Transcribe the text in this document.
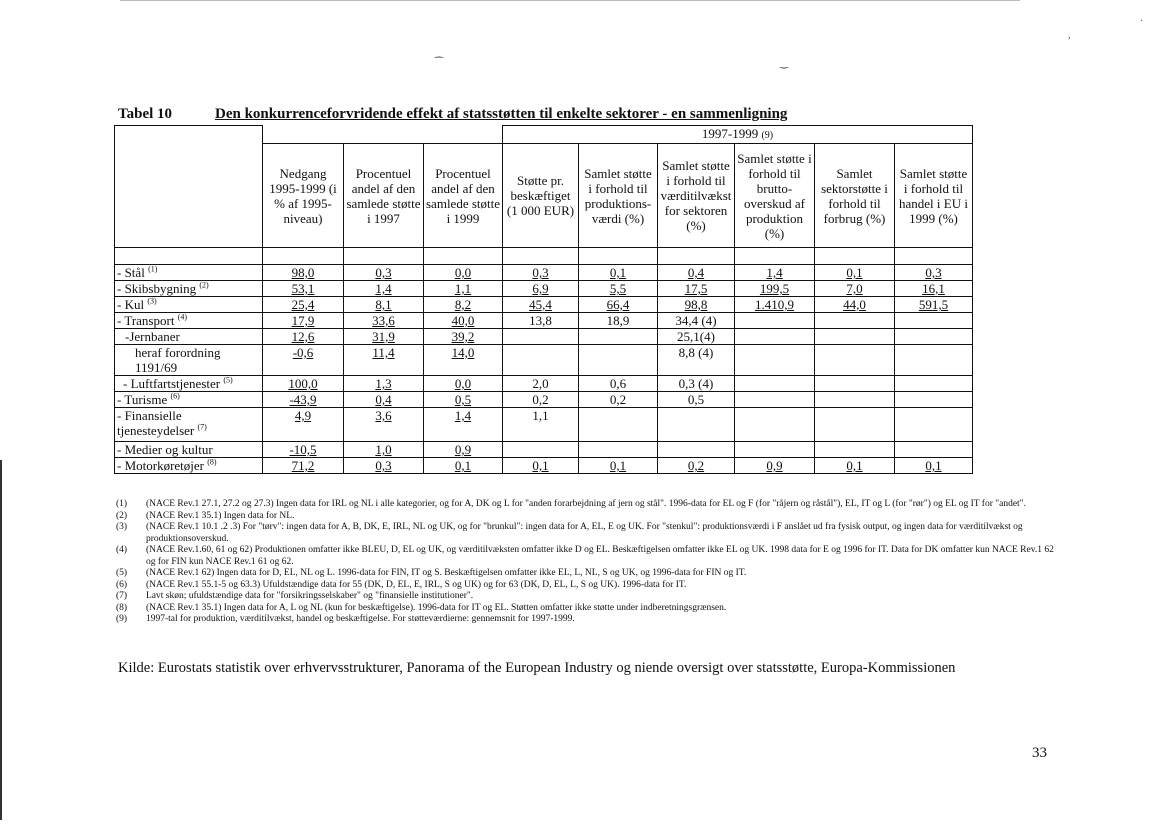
,
·
⁀	‿
Tabel 10	Den konkurrenceforvridende effekt af statsstøtten til enkelte sektorer - en sammenligning
				1997-1999 (9)					
	Nedgang 1995-1999 (i % af 1995-niveau)	Procentuel andel af den samlede støtte i 1997	Procentuel andel af den samlede støtte i 1999	Støtte pr. beskæftiget (1 000 EUR)	Samlet støtte i forhold til produktions-værdi (%)	Samlet støtte i forhold til værditilvækst for sektoren (%)	Samlet støtte i forhold til brutto-overskud af produktion (%)	Samlet sektorstøtte i forhold til forbrug (%)	Samlet støtte i forhold til handel i EU i 1999 (%)

- Stål $^{(1)}$	98,0	0,3	0,0	0,3	0,1	0,4	1,4	0,1	0,3
- Skibsbygning $^{(2)}$	53,1	1,4	1,1	6,9	5,5	17,5	199,5	7,0	16,1
- Kul $^{(3)}$	25,4	8,1	8,2	45,4	66,4	98,8	1.410,9	44,0	591,5
- Transport $^{(4)}$	17,9	33,6	40,0	13,8	18,9	34,4 (4)			
-Jernbaner	12,6	31,9	39,2			25,1(4)			
heraf forordning 1191/69	-0,6	11,4	14,0			8,8 (4)			
- Luftfartstjenester $^{(5)}$	100,0	1,3	0,0	2,0	0,6	0,3 (4)			
- Turisme $^{(6)}$	-43,9	0,4	0,5	0,2	0,2	0,5			
- Finansielle tjenesteydelser $^{(7)}$	4,9	3,6	1,4	1,1					
- Medier og kultur	-10,5	1,0	0,9						
- Motorkøretøjer $^{(8)}$	71,2	0,3	0,1	0,1	0,1	0,2	0,9	0,1	0,1
(1)	(NACE Rev.1 27.1, 27.2 og 27.3) Ingen data for IRL og NL i alle kategorier, og for A, DK og L for "anden forarbejdning af jern og stål". 1996-data for EL og F (for "råjern og råstål"), EL, IT og L (for "rør") og EL og IT for "andet".
(2)	(NACE Rev.1 35.1) Ingen data for NL.
(3)	(NACE Rev.1 10.1 .2 .3) For "tørv": ingen data for A, B, DK, E, IRL, NL og UK, og for "brunkul": ingen data for A, EL, E og UK. For "stenkul": produktionsværdi i F anslået ud fra fysisk output, og ingen data for værditilvækst og produktionsoverskud.
(4)	(NACE Rev.1.60, 61 og 62) Produktionen omfatter ikke BLEU, D, EL og UK, og værditilvæksten omfatter ikke D og EL. Beskæftigelsen omfatter ikke EL og UK. 1998 data for E og 1996 for IT. Data for DK omfatter kun NACE Rev.1 62 og for FIN kun NACE Rev.1 61 og 62.
(5)	(NACE Rev.1 62) Ingen data for D, EL, NL og L. 1996-data for FIN, IT og S. Beskæftigelsen omfatter ikke EL, L, NL, S og UK, og 1996-data for FIN og IT.
(6)	(NACE Rev.1 55.1-5 og 63.3) Ufuldstændige data for 55 (DK, D, EL, E, IRL, S og UK) og for 63 (DK, D, EL, L, S og UK). 1996-data for IT.
(7)	Lavt skøn; ufuldstændige data for "forsikringsselskaber" og "finansielle institutioner".
(8)	(NACE Rev.1 35.1) Ingen data for A, L og NL (kun for beskæftigelse). 1996-data for IT og EL. Støtten omfatter ikke støtte under indberetningsgrænsen.
(9)	1997-tal for produktion, værditilvækst, handel og beskæftigelse. For støtteværdierne: gennemsnit for 1997-1999.
Kilde: Eurostats statistik over erhvervsstrukturer, Panorama of the European Industry og niende oversigt over statsstøtte, Europa-Kommissionen
33
